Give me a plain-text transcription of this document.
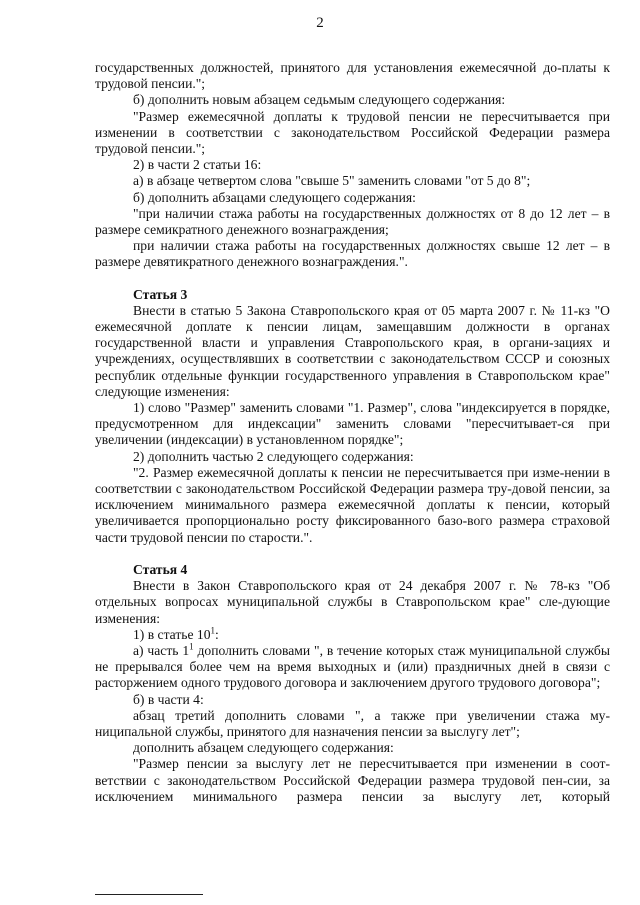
2

государственных должностей, принятого для установления ежемесячной до-платы к трудовой пенсии.";

б) дополнить новым абзацем седьмым следующего содержания:

"Размер ежемесячной доплаты к трудовой пенсии не пересчитывается при изменении в соответствии с законодательством Российской Федерации размера трудовой пенсии.";

2) в части 2 статьи 16:

а) в абзаце четвертом слова "свыше 5" заменить словами "от 5 до 8";

б) дополнить абзацами следующего содержания:

"при наличии стажа работы на государственных должностях от 8 до 12 лет – в размере семикратного денежного вознаграждения;

при наличии стажа работы на государственных должностях свыше 12 лет – в размере девятикратного денежного вознаграждения.".

Статья 3

Внести в статью 5 Закона Ставропольского края от 05 марта 2007 г. № 11-кз "О ежемесячной доплате к пенсии лицам, замещавшим должности в органах государственной власти и управления Ставропольского края, в органи-зациях и учреждениях, осуществлявших в соответствии с законодательством СССР и союзных республик отдельные функции государственного управления в Ставропольском крае" следующие изменения:

1) слово "Размер" заменить словами "1. Размер", слова "индексируется в порядке, предусмотренном для индексации" заменить словами "пересчитывает-ся при увеличении (индексации) в установленном порядке";

2) дополнить частью 2 следующего содержания:

"2. Размер ежемесячной доплаты к пенсии не пересчитывается при изме-нении в соответствии с законодательством Российской Федерации размера тру-довой пенсии, за исключением минимального размера ежемесячной доплаты к пенсии, который увеличивается пропорционально росту фиксированного базо-вого размера страховой части трудовой пенсии по старости.".

Статья 4

Внести в Закон Ставропольского края от 24 декабря 2007 г. № 78-кз "Об отдельных вопросах муниципальной службы в Ставропольском крае" сле-дующие изменения:

1) в статье $10^1$:

а) часть $1^1$ дополнить словами ", в течение которых стаж муниципальной службы не прерывался более чем на время выходных и (или) праздничных дней в связи с расторжением одного трудового договора и заключением другого трудового договора";

б) в части 4:

абзац третий дополнить словами ", а также при увеличении стажа му-ниципальной службы, принятого для назначения пенсии за выслугу лет";

дополнить абзацем следующего содержания:

"Размер пенсии за выслугу лет не пересчитывается при изменении в соот-ветствии с законодательством Российской Федерации размера трудовой пен-сии, за исключением минимального размера пенсии за выслугу лет, который
